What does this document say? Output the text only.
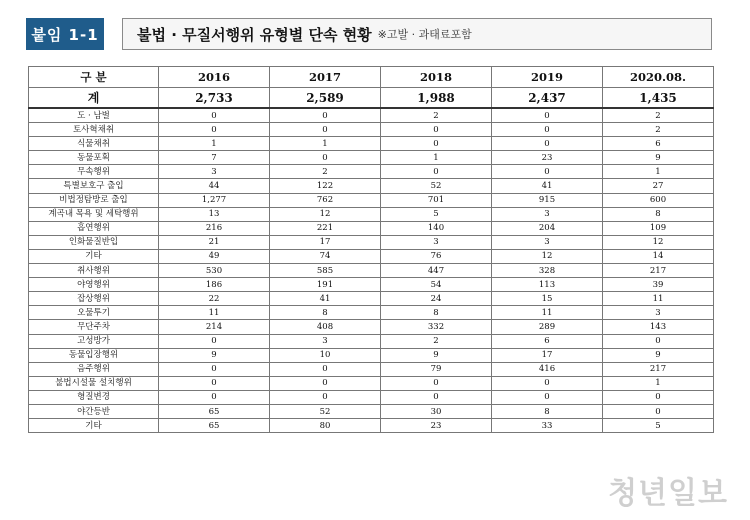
붙임 1-1	불법 · 무질서행위 유형별 단속 현황 ※고발 · 과태료포함
구 분	2016	2017	2018	2019	2020.08.
계	2,733	2,589	1,988	2,437	1,435
도 · 남벌	0	0	2	0	2
토사혁채취	0	0	0	0	2
식물채취	1	1	0	0	6
동물포획	7	0	1	23	9
무속행위	3	2	0	0	1
특별보호구 출입	44	122	52	41	27
비법정탐방로 출입	1,277	762	701	915	600
계곡내 목욕 및 세탁행위	13	12	5	3	8
흡연행위	216	221	140	204	109
인화물질반입	21	17	3	3	12
기타	49	74	76	12	14
취사행위	530	585	447	328	217
야영행위	186	191	54	113	39
잡상행위	22	41	24	15	11
오물투기	11	8	8	11	3
무단주차	214	408	332	289	143
고성방가	0	3	2	6	0
동물입장행위	9	10	9	17	9
음주행위	0	0	79	416	217
불법시설물 설치행위	0	0	0	0	1
형질변경	0	0	0	0	0
야간등반	65	52	30	8	0
기타	65	80	23	33	5
청년일보
